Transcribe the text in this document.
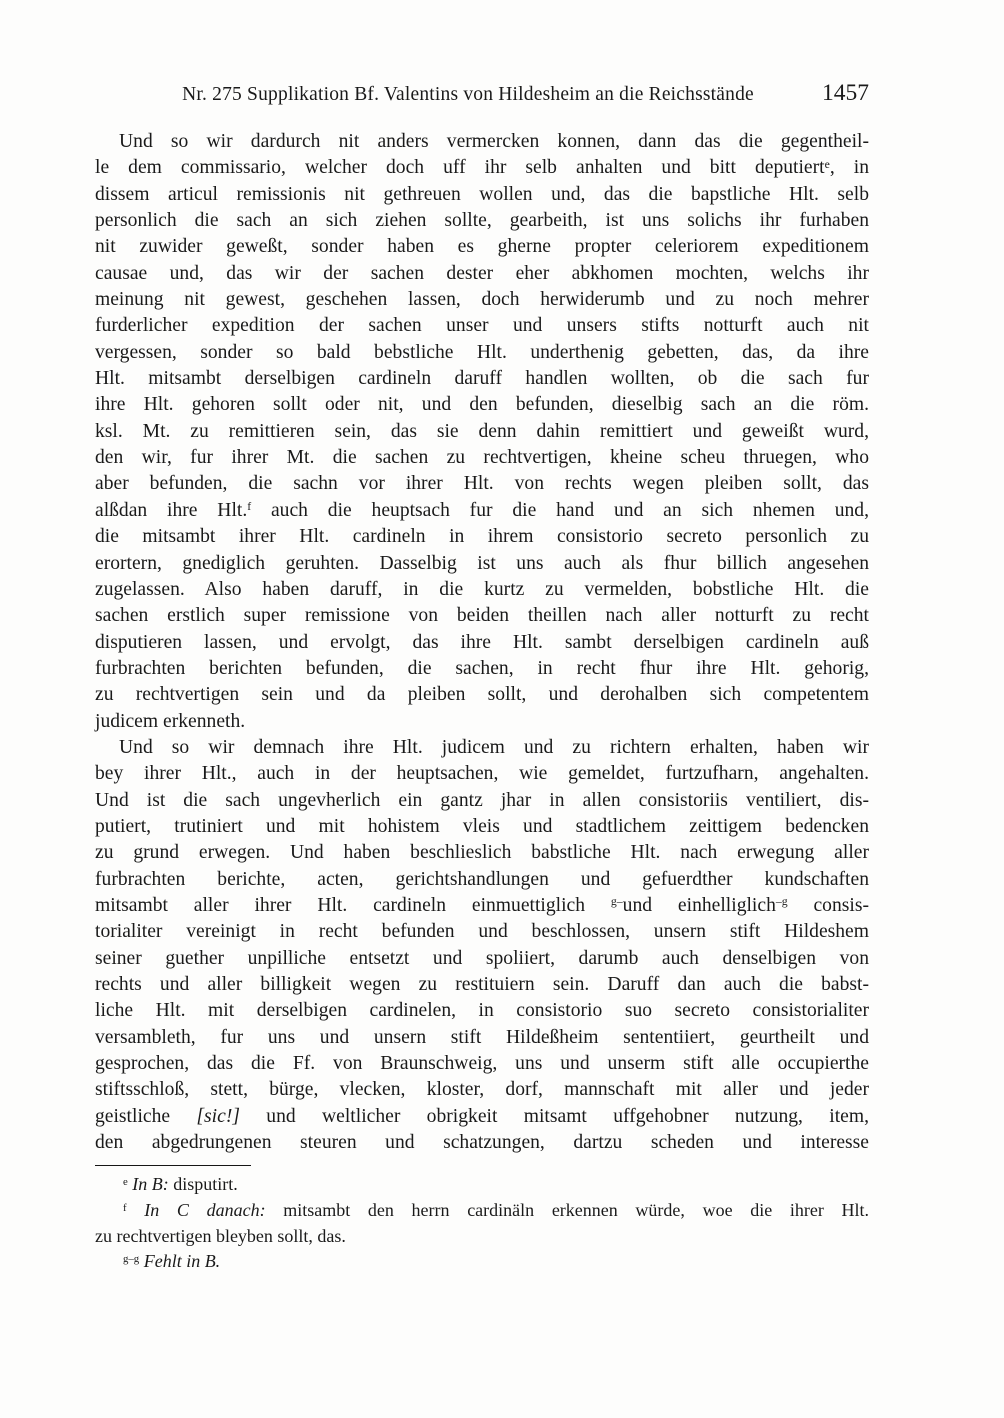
Nr. 275 Supplikation Bf. Valentins von Hildesheim an die Reichsstände	1457
Und so wir dardurch nit anders vermercken konnen, dann das die gegentheil-
le dem commissario, welcher doch uff ihr selb anhalten und bitt deputiert$^e$, in
dissem articul remissionis nit gethreuen wollen und, das die bapstliche Hlt. selb
personlich die sach an sich ziehen sollte, gearbeith, ist uns solichs ihr furhaben
nit zuwider geweßt, sonder haben es gherne propter celeriorem expeditionem
causae und, das wir der sachen dester eher abkhomen mochten, welchs ihr
meinung nit gewest, geschehen lassen, doch herwiderumb und zu noch mehrer
furderlicher expedition der sachen unser und unsers stifts notturft auch nit
vergessen, sonder so bald bebstliche Hlt. underthenig gebetten, das, da ihre
Hlt. mitsambt derselbigen cardineln daruff handlen wollten, ob die sach fur
ihre Hlt. gehoren sollt oder nit, und den befunden, dieselbig sach an die röm.
ksl. Mt. zu remittieren sein, das sie denn dahin remittiert und geweißt wurd,
den wir, fur ihrer Mt. die sachen zu rechtvertigen, kheine scheu thruegen, who
aber befunden, die sachn vor ihrer Hlt. von rechts wegen pleiben sollt, das
alßdan ihre Hlt.$^f$ auch die heuptsach fur die hand und an sich nhemen und,
die mitsambt ihrer Hlt. cardineln in ihrem consistorio secreto personlich zu
erortern, gnediglich geruhten. Dasselbig ist uns auch als fhur billich angesehen
zugelassen. Also haben daruff, in die kurtz zu vermelden, bobstliche Hlt. die
sachen erstlich super remissione von beiden theillen nach aller notturft zu recht
disputieren lassen, und ervolgt, das ihre Hlt. sambt derselbigen cardineln auß
furbrachten berichten befunden, die sachen, in recht fhur ihre Hlt. gehorig,
zu rechtvertigen sein und da pleiben sollt, und derohalben sich competentem
judicem erkenneth.
Und so wir demnach ihre Hlt. judicem und zu richtern erhalten, haben wir
bey ihrer Hlt., auch in der heuptsachen, wie gemeldet, furtzufharn, angehalten.
Und ist die sach ungevherlich ein gantz jhar in allen consistoriis ventiliert, dis-
putiert, trutiniert und mit hohistem vleis und stadtlichem zeittigem bedencken
zu grund erwegen. Und haben beschlieslich babstliche Hlt. nach erwegung aller
furbrachten berichte, acten, gerichtshandlungen und gefuerdther kundschaften
mitsambt aller ihrer Hlt. cardineln einmuettiglich $^{g-}$und einhelliglich$^{-g}$ consis-
torialiter vereinigt in recht befunden und beschlossen, unsern stift Hildeshem
seiner guether unpilliche entsetzt und spoliiert, darumb auch denselbigen von
rechts und aller billigkeit wegen zu restituiern sein. Daruff dan auch die babst-
liche Hlt. mit derselbigen cardinelen, in consistorio suo secreto consistorialiter
versambleth, fur uns und unsern stift Hildeßheim sententiiert, geurtheilt und
gesprochen, das die Ff. von Braunschweig, uns und unserm stift alle occupierthe
stiftsschloß, stett, bürge, vlecken, kloster, dorf, mannschaft mit aller und jeder
geistliche [sic!] und weltlicher obrigkeit mitsamt uffgehobner nutzung, item,
den abgedrungenen steuren und schatzungen, dartzu scheden und interesse
$^e$ In B: disputirt.
$^f$ In C danach: mitsambt den herrn cardinäln erkennen würde, woe die ihrer Hlt.
zu rechtvertigen bleyben sollt, das.
$^{g-g}$ Fehlt in B.
